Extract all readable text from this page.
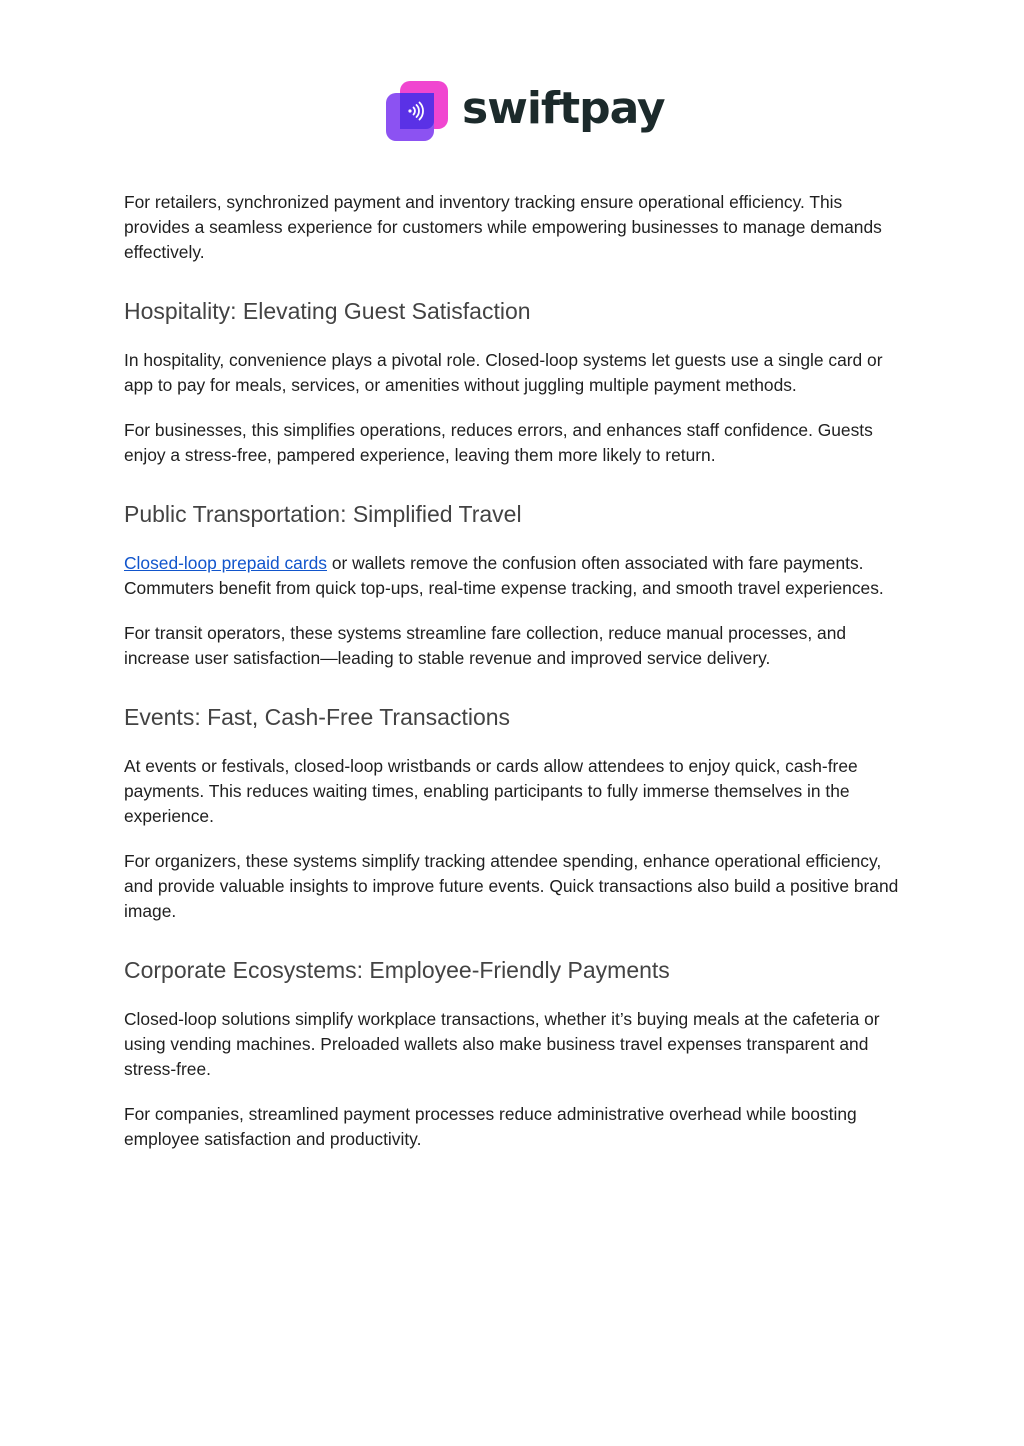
swiftpay

For retailers, synchronized payment and inventory tracking ensure operational efficiency. This provides a seamless experience for customers while empowering businesses to manage demands effectively.

Hospitality: Elevating Guest Satisfaction

In hospitality, convenience plays a pivotal role. Closed-loop systems let guests use a single card or app to pay for meals, services, or amenities without juggling multiple payment methods.

For businesses, this simplifies operations, reduces errors, and enhances staff confidence. Guests enjoy a stress-free, pampered experience, leaving them more likely to return.

Public Transportation: Simplified Travel

Closed-loop prepaid cards or wallets remove the confusion often associated with fare payments. Commuters benefit from quick top-ups, real-time expense tracking, and smooth travel experiences.

For transit operators, these systems streamline fare collection, reduce manual processes, and increase user satisfaction—leading to stable revenue and improved service delivery.

Events: Fast, Cash-Free Transactions

At events or festivals, closed-loop wristbands or cards allow attendees to enjoy quick, cash-free payments. This reduces waiting times, enabling participants to fully immerse themselves in the experience.

For organizers, these systems simplify tracking attendee spending, enhance operational efficiency, and provide valuable insights to improve future events. Quick transactions also build a positive brand image.

Corporate Ecosystems: Employee-Friendly Payments

Closed-loop solutions simplify workplace transactions, whether it’s buying meals at the cafeteria or using vending machines. Preloaded wallets also make business travel expenses transparent and stress-free.

For companies, streamlined payment processes reduce administrative overhead while boosting employee satisfaction and productivity.
